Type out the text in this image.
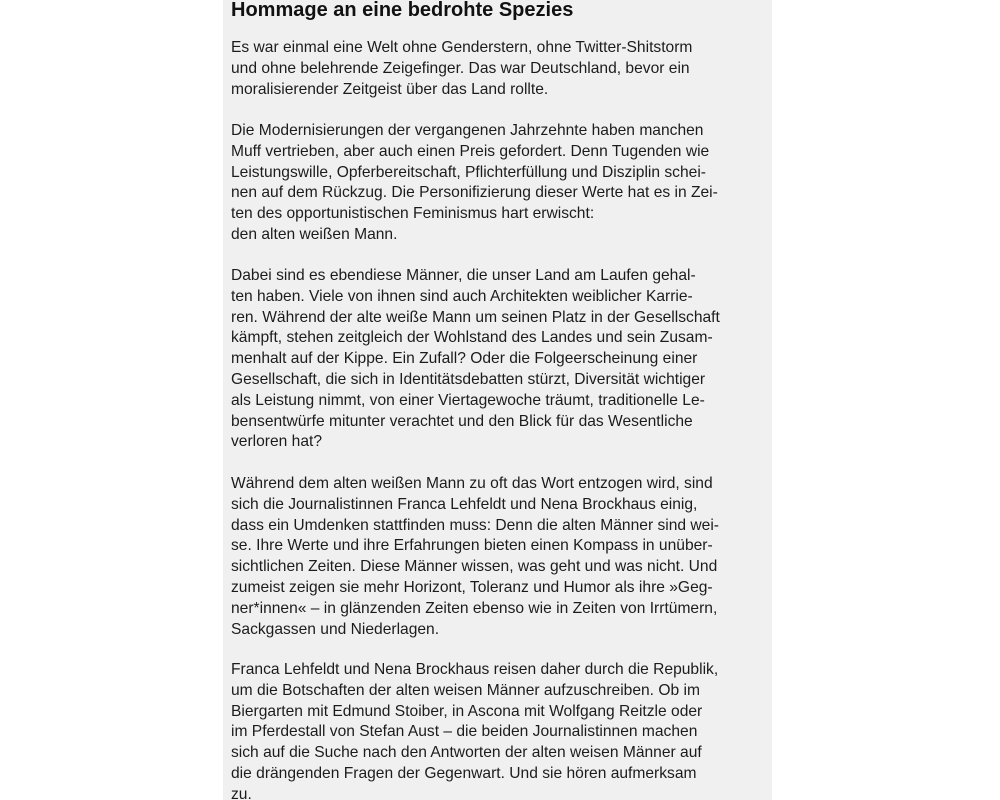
Hommage an eine bedrohte Spezies

Es war einmal eine Welt ohne Genderstern, ohne Twitter-Shitstorm
und ohne belehrende Zeigefinger. Das war Deutschland, bevor ein
moralisierender Zeitgeist über das Land rollte.

Die Modernisierungen der vergangenen Jahrzehnte haben manchen
Muff vertrieben, aber auch einen Preis gefordert. Denn Tugenden wie
Leistungswille, Opferbereitschaft, Pflichterfüllung und Disziplin schei-
nen auf dem Rückzug. Die Personifizierung dieser Werte hat es in Zei-
ten des opportunistischen Feminismus hart erwischt:
den alten weißen Mann.

Dabei sind es ebendiese Männer, die unser Land am Laufen gehal-
ten haben. Viele von ihnen sind auch Architekten weiblicher Karrie-
ren. Während der alte weiße Mann um seinen Platz in der Gesellschaft
kämpft, stehen zeitgleich der Wohlstand des Landes und sein Zusam-
menhalt auf der Kippe. Ein Zufall? Oder die Folgeerscheinung einer
Gesellschaft, die sich in Identitätsdebatten stürzt, Diversität wichtiger
als Leistung nimmt, von einer Viertagewoche träumt, traditionelle Le-
bensentwürfe mitunter verachtet und den Blick für das Wesentliche
verloren hat?

Während dem alten weißen Mann zu oft das Wort entzogen wird, sind
sich die Journalistinnen Franca Lehfeldt und Nena Brockhaus einig,
dass ein Umdenken stattfinden muss: Denn die alten Männer sind wei-
se. Ihre Werte und ihre Erfahrungen bieten einen Kompass in unüber-
sichtlichen Zeiten. Diese Männer wissen, was geht und was nicht. Und
zumeist zeigen sie mehr Horizont, Toleranz und Humor als ihre »Geg-
ner*innen« – in glänzenden Zeiten ebenso wie in Zeiten von Irrtümern,
Sackgassen und Niederlagen.

Franca Lehfeldt und Nena Brockhaus reisen daher durch die Republik,
um die Botschaften der alten weisen Männer aufzuschreiben. Ob im
Biergarten mit Edmund Stoiber, in Ascona mit Wolfgang Reitzle oder
im Pferdestall von Stefan Aust – die beiden Journalistinnen machen
sich auf die Suche nach den Antworten der alten weisen Männer auf
die drängenden Fragen der Gegenwart. Und sie hören aufmerksam
zu.
